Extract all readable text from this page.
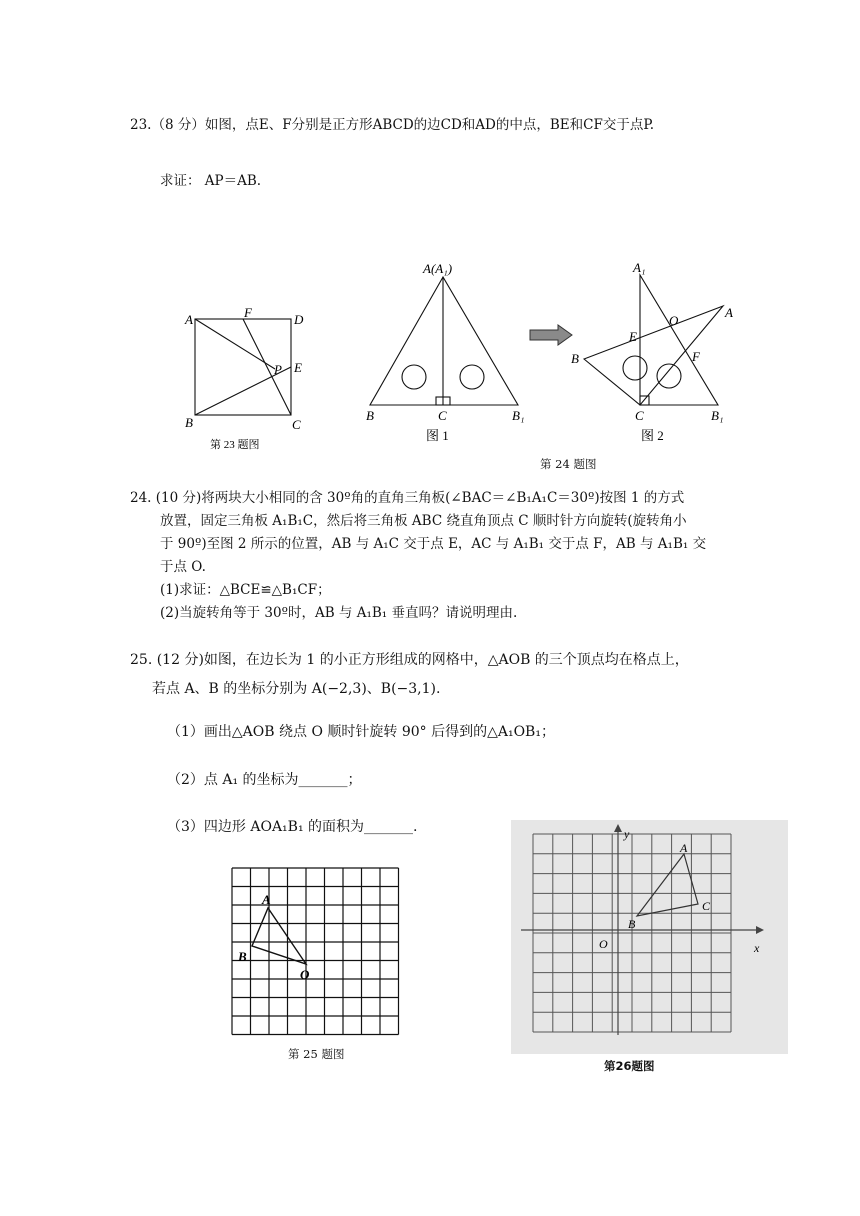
23.（8 分）如图，点E、F分别是正方形ABCD的边CD和AD的中点，BE和CF交于点P.
求证： AP＝AB.
A	F	D
E
P
B	C
第 23 题图
A(A₁)
B	C	B₁
图 1
A₁
A
O
E
F
B
C	B₁
图 2
第 24 题图
24. (10 分)将两块大小相同的含 30º角的直角三角板(∠BAC＝∠B₁A₁C＝30º)按图 1 的方式
放置，固定三角板 A₁B₁C，然后将三角板 ABC 绕直角顶点 C 顺时针方向旋转(旋转角小
于 90º)至图 2 所示的位置，AB 与 A₁C 交于点 E，AC 与 A₁B₁ 交于点 F，AB 与 A₁B₁ 交
于点 O.
(1)求证：△BCE≌△B₁CF；
(2)当旋转角等于 30º时，AB 与 A₁B₁ 垂直吗？请说明理由.
25. (12 分)如图，在边长为 1 的小正方形组成的网格中，△AOB 的三个顶点均在格点上，
若点 A、B 的坐标分别为 A(−2,3)、B(−3,1).
（1）画出△AOB 绕点 O 顺时针旋转 90° 后得到的△A₁OB₁；
（2）点 A₁ 的坐标为_______；
（3）四边形 AOA₁B₁ 的面积为_______.
A
B
O
第 25 题图
y
x
A
B
C
O
第26题图
